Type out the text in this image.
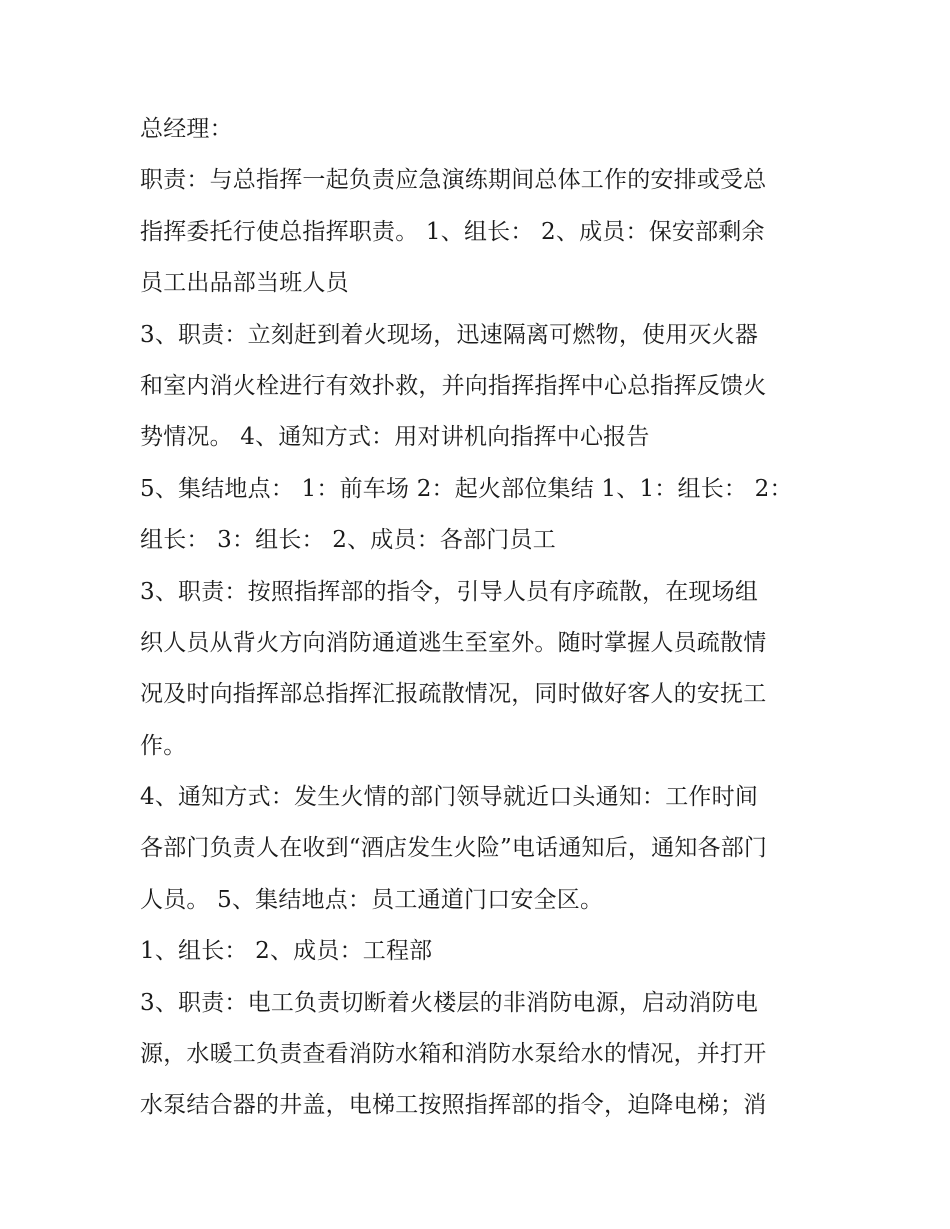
总经理：
职责：与总指挥一起负责应急演练期间总体工作的安排或受总
指挥委托行使总指挥职责。 1、组长： 2、成员：保安部剩余
员工出品部当班人员
3、职责：立刻赶到着火现场，迅速隔离可燃物，使用灭火器
和室内消火栓进行有效扑救，并向指挥指挥中心总指挥反馈火
势情况。 4、通知方式：用对讲机向指挥中心报告
5、集结地点： 1：前车场 2：起火部位集结 1、1：组长： 2：
组长： 3：组长： 2、成员：各部门员工
3、职责：按照指挥部的指令，引导人员有序疏散，在现场组
织人员从背火方向消防通道逃生至室外。随时掌握人员疏散情
况及时向指挥部总指挥汇报疏散情况，同时做好客人的安抚工
作。
4、通知方式：发生火情的部门领导就近口头通知：工作时间
各部门负责人在收到“酒店发生火险”电话通知后，通知各部门
人员。 5、集结地点：员工通道门口安全区。
1、组长： 2、成员：工程部
3、职责：电工负责切断着火楼层的非消防电源，启动消防电
源，水暖工负责查看消防水箱和消防水泵给水的情况，并打开
水泵结合器的井盖，电梯工按照指挥部的指令，迫降电梯；消
